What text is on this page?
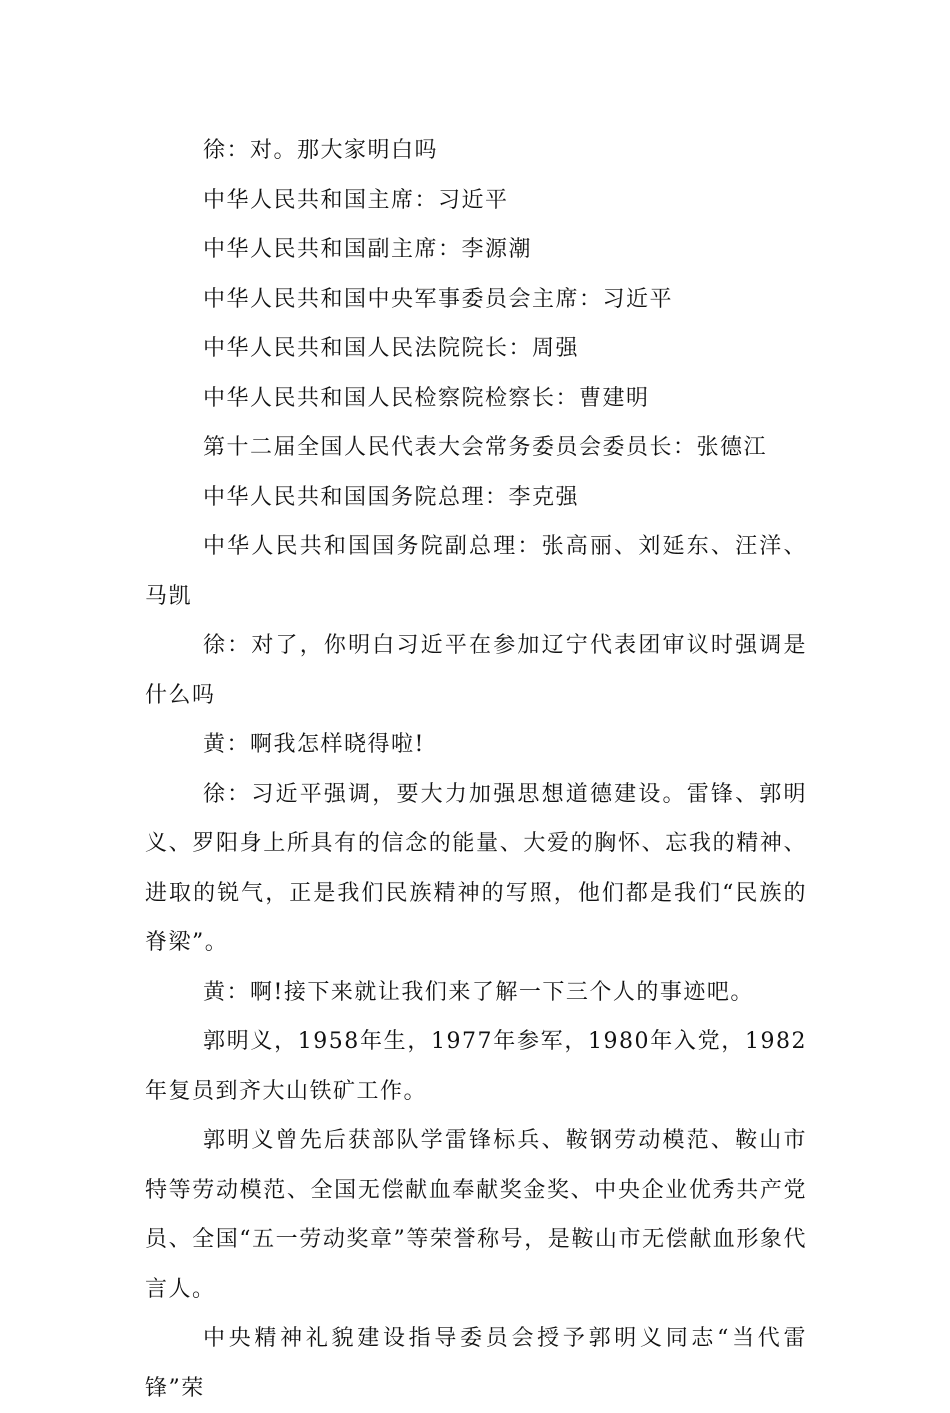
徐：对。那大家明白吗

中华人民共和国主席：习近平

中华人民共和国副主席：李源潮

中华人民共和国中央军事委员会主席：习近平

中华人民共和国人民法院院长：周强

中华人民共和国人民检察院检察长：曹建明

第十二届全国人民代表大会常务委员会委员长：张德江

中华人民共和国国务院总理：李克强

中华人民共和国国务院副总理：张高丽、刘延东、汪洋、马凯

徐：对了，你明白习近平在参加辽宁代表团审议时强调是什么吗

黄：啊我怎样晓得啦!

徐：习近平强调，要大力加强思想道德建设。雷锋、郭明义、罗阳身上所具有的信念的能量、大爱的胸怀、忘我的精神、进取的锐气，正是我们民族精神的写照，他们都是我们“民族的脊梁”。

黄：啊!接下来就让我们来了解一下三个人的事迹吧。

郭明义，1958年生，1977年参军，1980年入党，1982年复员到齐大山铁矿工作。

郭明义曾先后获部队学雷锋标兵、鞍钢劳动模范、鞍山市特等劳动模范、全国无偿献血奉献奖金奖、中央企业优秀共产党员、全国“五一劳动奖章”等荣誉称号，是鞍山市无偿献血形象代言人。

中央精神礼貌建设指导委员会授予郭明义同志“当代雷锋”荣
